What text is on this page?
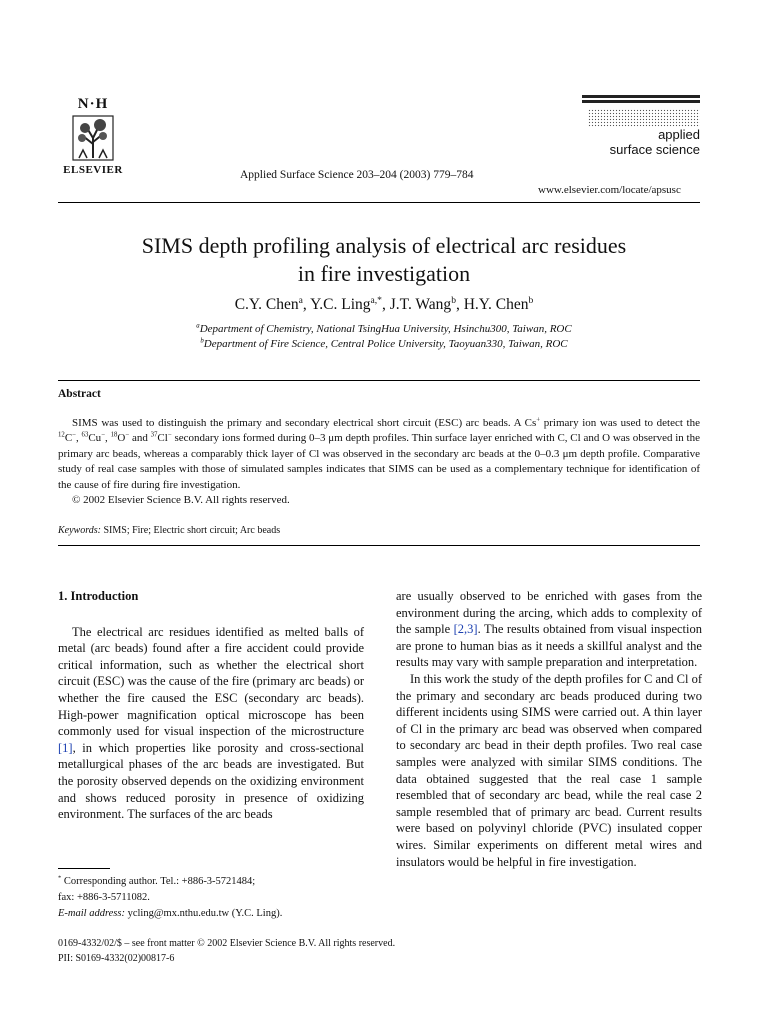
N·H
ELSEVIER	Applied Surface Science 203–204 (2003) 779–784
applied
surface science
www.elsevier.com/locate/apsusc
SIMS depth profiling analysis of electrical arc residues
in fire investigation
C.Y. Chen$^a$, Y.C. Ling$^{a,*}$, J.T. Wang$^b$, H.Y. Chen$^b$
$^a$Department of Chemistry, National TsingHua University, Hsinchu300, Taiwan, ROC
$^b$Department of Fire Science, Central Police University, Taoyuan330, Taiwan, ROC
Abstract
SIMS was used to distinguish the primary and secondary electrical short circuit (ESC) arc beads. A Cs+ primary ion was used to detect the $^{12}$C−, $^{63}$Cu−, $^{18}$O− and $^{37}$Cl− secondary ions formed during 0–3 μm depth profiles. Thin surface layer enriched with C, Cl and O was observed in the primary arc beads, whereas a comparably thick layer of Cl was observed in the secondary arc beads at the 0–0.3 μm depth profile. Comparative study of real case samples with those of simulated samples indicates that SIMS can be used as a complementary technique for identification of the cause of fire during fire investigation.
© 2002 Elsevier Science B.V. All rights reserved.
Keywords: SIMS; Fire; Electric short circuit; Arc beads
1. Introduction

The electrical arc residues identified as melted balls of metal (arc beads) found after a fire accident could provide critical information, such as whether the electrical short circuit (ESC) was the cause of the fire (primary arc beads) or whether the fire caused the ESC (secondary arc beads). High-power magnification optical microscope has been commonly used for visual inspection of the microstructure [1], in which properties like porosity and cross-sectional metallurgical phases of the arc beads are investigated. But the porosity observed depends on the oxidizing environment and shows reduced porosity in presence of oxidizing environment. The surfaces of the arc beads

are usually observed to be enriched with gases from the environment during the arcing, which adds to complexity of the sample [2,3]. The results obtained from visual inspection are prone to human bias as it needs a skillful analyst and the results may vary with sample preparation and interpretation.

In this work the study of the depth profiles for C and Cl of the primary and secondary arc beads produced during two different incidents using SIMS were carried out. A thin layer of Cl in the primary arc bead was observed when compared to secondary arc bead in their depth profiles. Two real case samples were analyzed with similar SIMS conditions. The data obtained suggested that the real case 1 sample resembled that of secondary arc bead, while the real case 2 sample resembled that of primary arc bead. Current results were based on polyvinyl chloride (PVC) insulated copper wires. Similar experiments on different metal wires and insulators would be helpful in fire investigation.

* Corresponding author. Tel.: +886-3-5721484;
fax: +886-3-5711082.
E-mail address: ycling@mx.nthu.edu.tw (Y.C. Ling).
0169-4332/02/$ – see front matter © 2002 Elsevier Science B.V. All rights reserved.
PII: S0169-4332(02)00817-6
